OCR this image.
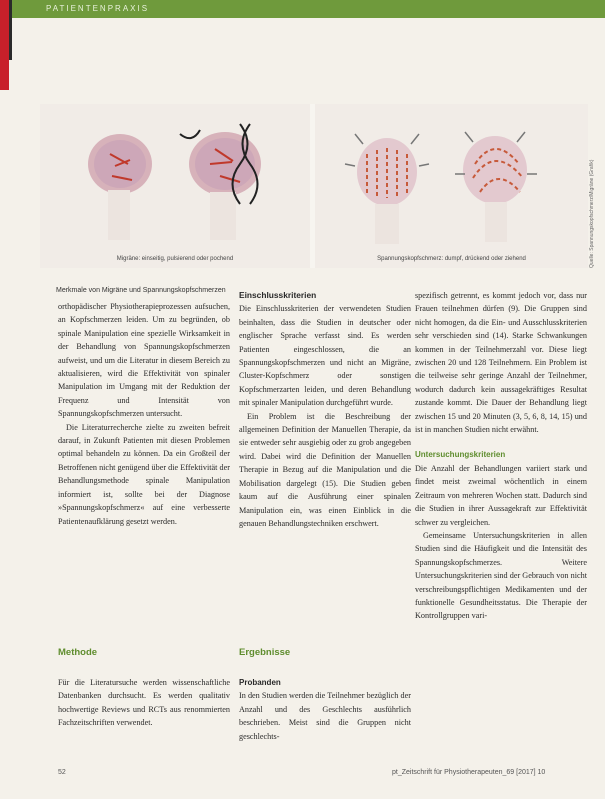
PATIENTENPRAXIS
Migräne: einseitig, pulsierend oder pochend	Spannungskopfschmerz: dumpf, drückend oder ziehend	Quelle: Spannungskopfschmerz/Migräne (Grafik)
Merkmale von Migräne und Spannungskopfschmerzen

orthopädischer Physiotherapieprozessen aufsuchen, an Kopfschmerzen leiden. Um zu begründen, ob spinale Manipulation eine spezielle Wirksamkeit in der Behandlung von Spannungskopfschmerzen aufweist, und um die Literatur in diesem Bereich zu aktualisieren, wird die Effektivität von spinaler Manipulation im Umgang mit der Reduktion der Frequenz und Intensität von Spannungskopfschmerzen untersucht.

Die Literaturrecherche zielte zu zweiten befreit darauf, in Zukunft Patienten mit diesen Problemen optimal behandeln zu können. Da ein Großteil der Betroffenen nicht genügend über die Effektivität der Behandlungsmethode spinale Manipulation informiert ist, sollte bei der Diagnose »Spannungskopfschmerz« auf eine verbesserte Patientenaufklärung gesetzt werden.

Methode

Für die Literatursuche werden wissenschaftliche Datenbanken durchsucht. Es werden qualitativ hochwertige Reviews und RCTs aus renommierten Fachzeitschriften verwendet.

Einschlusskriterien

Die Einschlusskriterien der verwendeten Studien beinhalten, dass die Studien in deutscher oder englischer Sprache verfasst sind. Es werden Patienten eingeschlossen, die an Spannungskopfschmerzen und nicht an Migräne, Cluster-Kopfschmerz oder sonstigen Kopfschmerzarten leiden, und deren Behandlung mit spinaler Manipulation durchgeführt wurde.

Ein Problem ist die Beschreibung der allgemeinen Definition der Manuellen Therapie, da sie entweder sehr ausgiebig oder zu grob angegeben wird. Dabei wird die Definition der Manuellen Therapie in Bezug auf die Manipulation und die Mobilisation dargelegt (15). Die Studien geben kaum auf die Ausführung einer spinalen Manipulation ein, was einen Einblick in die genauen Behandlungstechniken erschwert.

Ergebnisse

Probanden

In den Studien werden die Teilnehmer bezüglich der Anzahl und des Geschlechts ausführlich beschrieben. Meist sind die Gruppen nicht geschlechts-

spezifisch getrennt, es kommt jedoch vor, dass nur Frauen teilnehmen dürfen (9). Die Gruppen sind nicht homogen, da die Ein- und Ausschlusskriterien sehr verschieden sind (14). Starke Schwankungen kommen in der Teilnehmerzahl vor. Diese liegt zwischen 20 und 128 Teilnehmern. Ein Problem ist die teilweise sehr geringe Anzahl der Teilnehmer, wodurch dadurch kein aussagekräftiges Resultat zustande kommt. Die Dauer der Behandlung liegt zwischen 15 und 20 Minuten (3, 5, 6, 8, 14, 15) und ist in manchen Studien nicht erwähnt.

Untersuchungskriterien

Die Anzahl der Behandlungen variiert stark und findet meist zweimal wöchentlich in einem Zeitraum von mehreren Wochen statt. Dadurch sind die Studien in ihrer Aussagekraft zur Effektivität schwer zu vergleichen.

Gemeinsame Untersuchungskriterien in allen Studien sind die Häufigkeit und die Intensität des Spannungskopfschmerzes. Weitere Untersuchungskriterien sind der Gebrauch von nicht verschreibungspflichtigen Medikamenten und der funktionelle Gesundheitsstatus. Die Therapie der Kontrollgruppen vari-

52	pt_Zeitschrift für Physiotherapeuten_69 [2017] 10
